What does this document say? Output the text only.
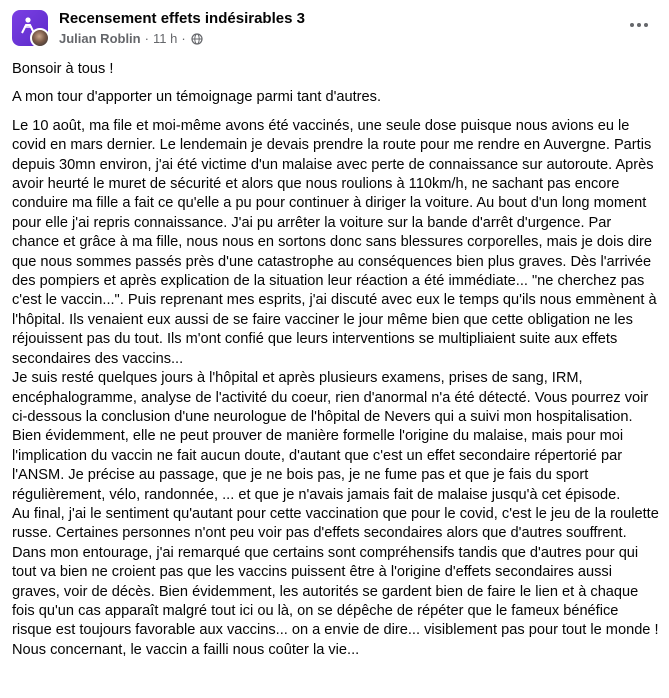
Recensement effets indésirables 3
Julian Roblin · 11 h ·

Bonsoir à tous !

A mon tour d'apporter un témoignage parmi tant d'autres.

Le 10 août, ma file et moi-même avons été vaccinés, une seule dose puisque nous avions eu le covid en mars dernier. Le lendemain je devais prendre la route pour me rendre en Auvergne. Partis depuis 30mn environ, j'ai été victime d'un malaise avec perte de connaissance sur autoroute. Après avoir heurté le muret de sécurité et alors que nous roulions à 110km/h, ne sachant pas encore conduire ma fille a fait ce qu'elle a pu pour continuer à diriger la voiture. Au bout d'un long moment pour elle j'ai repris connaissance. J'ai pu arrêter la voiture sur la bande d'arrêt d'urgence. Par chance et grâce à ma fille, nous nous en sortons donc sans blessures corporelles, mais je dois dire que nous sommes passés près d'une catastrophe au conséquences bien plus graves. Dès l'arrivée des pompiers et après explication de la situation leur réaction a été immédiate... "ne cherchez pas c'est le vaccin...". Puis reprenant mes esprits, j'ai discuté avec eux le temps qu'ils nous emmènent à l'hôpital. Ils venaient eux aussi de se faire vacciner le jour même bien que cette obligation ne les réjouissent pas du tout. Ils m'ont confié que leurs interventions se multipliaient suite aux effets secondaires des vaccins...

Je suis resté quelques jours à l'hôpital et après plusieurs examens, prises de sang, IRM, encéphalogramme, analyse de l'activité du coeur, rien d'anormal n'a été détecté. Vous pourrez voir ci-dessous la conclusion d'une neurologue de l'hôpital de Nevers qui a suivi mon hospitalisation. Bien évidemment, elle ne peut prouver de manière formelle l'origine du malaise, mais pour moi l'implication du vaccin ne fait aucun doute, d'autant que c'est un effet secondaire répertorié par l'ANSM. Je précise au passage, que je ne bois pas, je ne fume pas et que je fais du sport régulièrement, vélo, randonnée, ... et que je n'avais jamais fait de malaise jusqu'à cet épisode.

Au final, j'ai le sentiment qu'autant pour cette vaccination que pour le covid, c'est le jeu de la roulette russe. Certaines personnes n'ont peu voir pas d'effets secondaires alors que d'autres souffrent. Dans mon entourage, j'ai remarqué que certains sont compréhensifs tandis que d'autres pour qui tout va bien ne croient pas que les vaccins puissent être à l'origine d'effets secondaires aussi graves, voir de décès. Bien évidemment, les autorités se gardent bien de faire le lien et à chaque fois qu'un cas apparaît malgré tout ici ou là, on se dépêche de répéter que le fameux bénéfice risque est toujours favorable aux vaccins... on a envie de dire... visiblement pas pour tout le monde ! Nous concernant, le vaccin a failli nous coûter la vie...
